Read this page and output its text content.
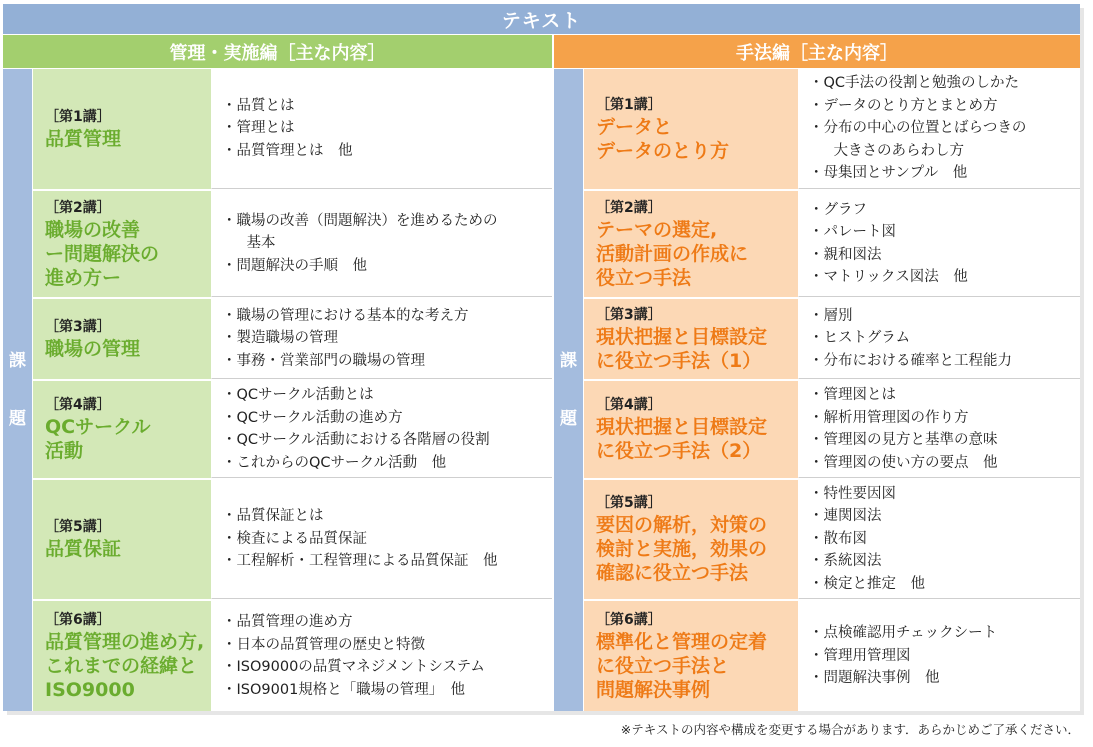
テキスト
管理・実施編［主な内容］	手法編［主な内容］
課
題
課
題
［第1講］
品質管理
・品質とは
・管理とは
・品質管理とは　他
［第2講］
職場の改善
ー問題解決の
進め方ー
・職場の改善（問題解決）を進めるための
　基本
・問題解決の手順　他
［第3講］
職場の管理
・職場の管理における基本的な考え方
・製造職場の管理
・事務・営業部門の職場の管理
［第4講］
QCサークル
活動
・QCサークル活動とは
・QCサークル活動の進め方
・QCサークル活動における各階層の役割
・これからのQCサークル活動　他
［第5講］
品質保証
・品質保証とは
・検査による品質保証
・工程解析・工程管理による品質保証　他
［第6講］
品質管理の進め方,
これまでの経緯と
ISO9000
・品質管理の進め方
・日本の品質管理の歴史と特徴
・ISO9000の品質マネジメントシステム
・ISO9001規格と「職場の管理」　他
［第1講］
データと
データのとり方
・QC手法の役割と勉強のしかた
・データのとり方とまとめ方
・分布の中心の位置とばらつきの
　大きさのあらわし方
・母集団とサンプル　他
［第2講］
テーマの選定,
活動計画の作成に
役立つ手法
・グラフ
・パレート図
・親和図法
・マトリックス図法　他
［第3講］
現状把握と目標設定
に役立つ手法（1）
・層別
・ヒストグラム
・分布における確率と工程能力
［第4講］
現状把握と目標設定
に役立つ手法（2）
・管理図とは
・解析用管理図の作り方
・管理図の見方と基準の意味
・管理図の使い方の要点　他
［第5講］
要因の解析，対策の
検討と実施，効果の
確認に役立つ手法
・特性要因図
・連関図法
・散布図
・系統図法
・検定と推定　他
［第6講］
標準化と管理の定着
に役立つ手法と
問題解決事例
・点検確認用チェックシート
・管理用管理図
・問題解決事例　他
※テキストの内容や構成を変更する場合があります．あらかじめご了承ください．
